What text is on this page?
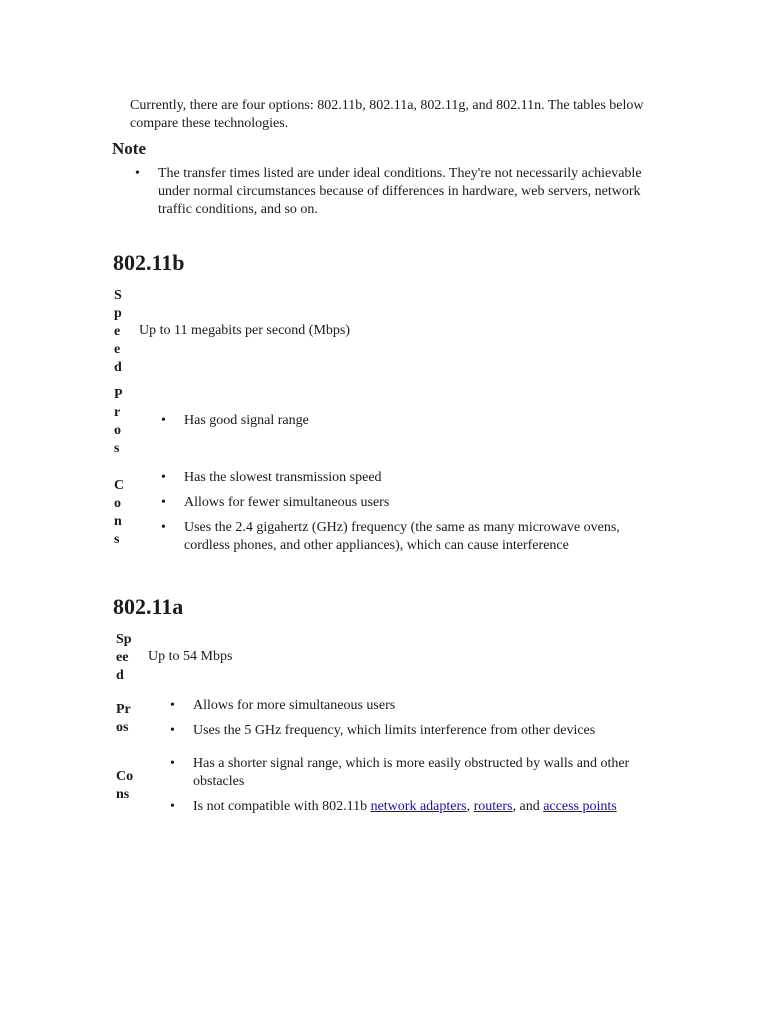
Currently, there are four options: 802.11b, 802.11a, 802.11g, and 802.11n. The tables below compare these technologies.
Note
• The transfer times listed are under ideal conditions. They're not necessarily achievable under normal circumstances because of differences in hardware, web servers, network traffic conditions, and so on.
802.11b
S
p
e
e
d
Up to 11 megabits per second (Mbps)
P
r
o
s
• Has good signal range
C
o
n
s
• Has the slowest transmission speed
• Allows for fewer simultaneous users
• Uses the 2.4 gigahertz (GHz) frequency (the same as many microwave ovens, cordless phones, and other appliances), which can cause interference
802.11a
Sp
ee
d
Up to 54 Mbps
Pr
os
• Allows for more simultaneous users
• Uses the 5 GHz frequency, which limits interference from other devices
Co
ns
• Has a shorter signal range, which is more easily obstructed by walls and other obstacles
• Is not compatible with 802.11b network adapters, routers, and access points
